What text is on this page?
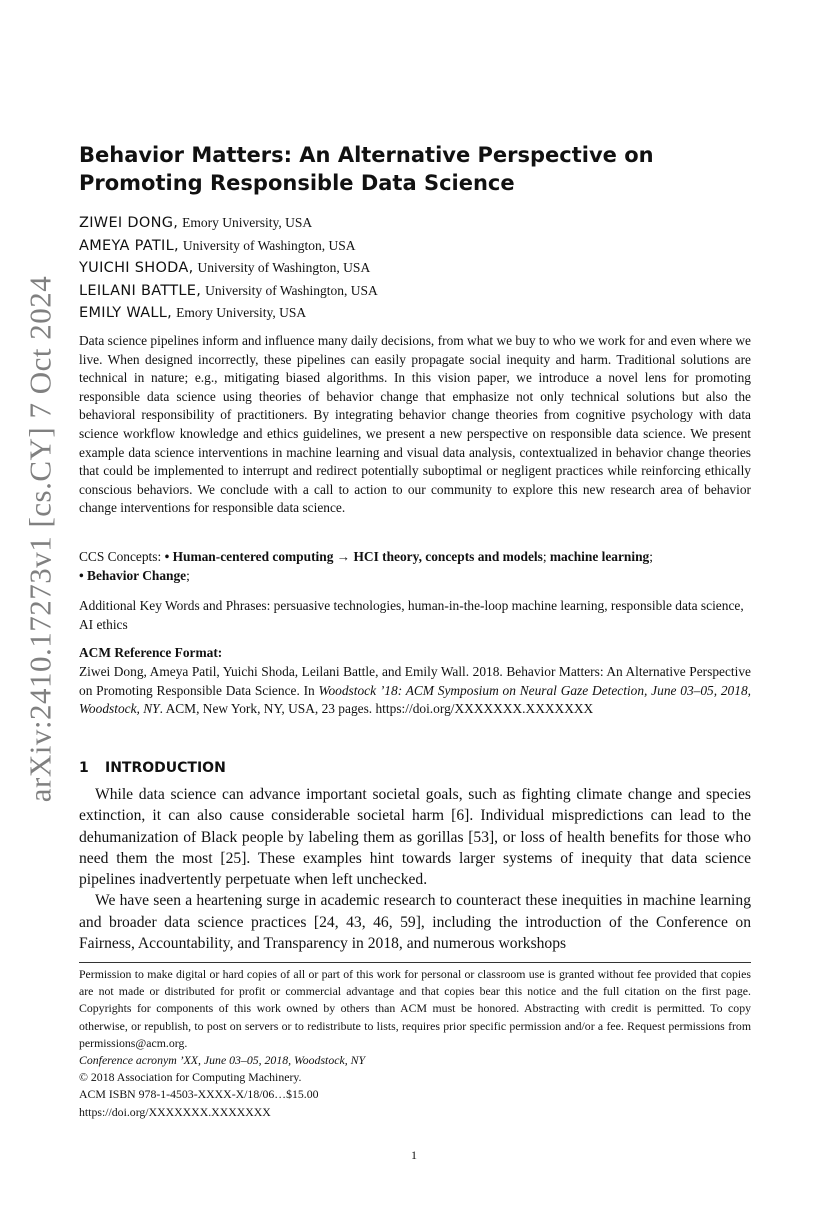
arXiv:2410.17273v1 [cs.CY] 7 Oct 2024
Behavior Matters: An Alternative Perspective on Promoting Responsible Data Science
ZIWEI DONG, Emory University, USA
AMEYA PATIL, University of Washington, USA
YUICHI SHODA, University of Washington, USA
LEILANI BATTLE, University of Washington, USA
EMILY WALL, Emory University, USA
Data science pipelines inform and influence many daily decisions, from what we buy to who we work for and even where we live. When designed incorrectly, these pipelines can easily propagate social inequity and harm. Traditional solutions are technical in nature; e.g., mitigating biased algorithms. In this vision paper, we introduce a novel lens for promoting responsible data science using theories of behavior change that emphasize not only technical solutions but also the behavioral responsibility of practitioners. By integrating behavior change theories from cognitive psychology with data science workflow knowledge and ethics guidelines, we present a new perspective on responsible data science. We present example data science interventions in machine learning and visual data analysis, contextualized in behavior change theories that could be implemented to interrupt and redirect potentially suboptimal or negligent practices while reinforcing ethically conscious behaviors. We conclude with a call to action to our community to explore this new research area of behavior change interventions for responsible data science.
CCS Concepts: • Human-centered computing → HCI theory, concepts and models; machine learning;
• Behavior Change;
Additional Key Words and Phrases: persuasive technologies, human-in-the-loop machine learning, responsible data science, AI ethics
ACM Reference Format:
Ziwei Dong, Ameya Patil, Yuichi Shoda, Leilani Battle, and Emily Wall. 2018. Behavior Matters: An Alternative Perspective on Promoting Responsible Data Science. In Woodstock ’18: ACM Symposium on Neural Gaze Detection, June 03–05, 2018, Woodstock, NY. ACM, New York, NY, USA, 23 pages. https://doi.org/XXXXXXX.XXXXXXX
1 INTRODUCTION

While data science can advance important societal goals, such as fighting climate change and species extinction, it can also cause considerable societal harm [6]. Individual mispredictions can lead to the dehumanization of Black people by labeling them as gorillas [53], or loss of health benefits for those who need them the most [25]. These examples hint towards larger systems of inequity that data science pipelines inadvertently perpetuate when left unchecked.

We have seen a heartening surge in academic research to counteract these inequities in machine learning and broader data science practices [24, 43, 46, 59], including the introduction of the Conference on Fairness, Accountability, and Transparency in 2018, and numerous workshops

Permission to make digital or hard copies of all or part of this work for personal or classroom use is granted without fee provided that copies are not made or distributed for profit or commercial advantage and that copies bear this notice and the full citation on the first page. Copyrights for components of this work owned by others than ACM must be honored. Abstracting with credit is permitted. To copy otherwise, or republish, to post on servers or to redistribute to lists, requires prior specific permission and/or a fee. Request permissions from permissions@acm.org.
Conference acronym ’XX, June 03–05, 2018, Woodstock, NY
© 2018 Association for Computing Machinery.
ACM ISBN 978-1-4503-XXXX-X/18/06…$15.00
https://doi.org/XXXXXXX.XXXXXXX
1
